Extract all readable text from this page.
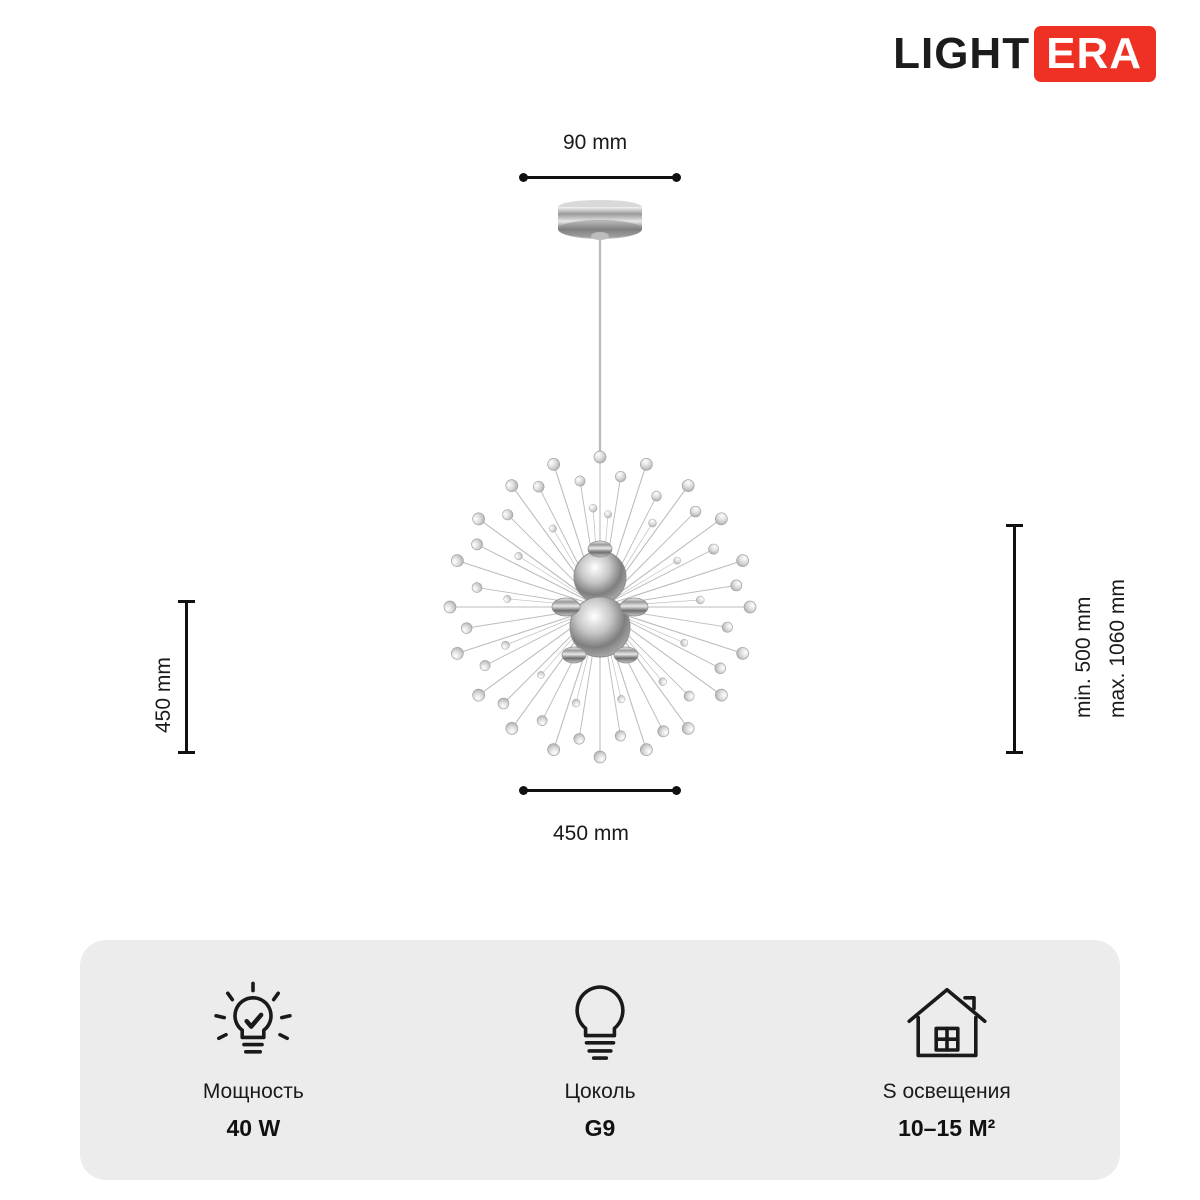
LIGHT ERA
90 mm
450 mm
450 mm
max. 1060 mm
min. 500 mm
Мощность
40 W
Цоколь
G9
S освещения
10–15 M²
